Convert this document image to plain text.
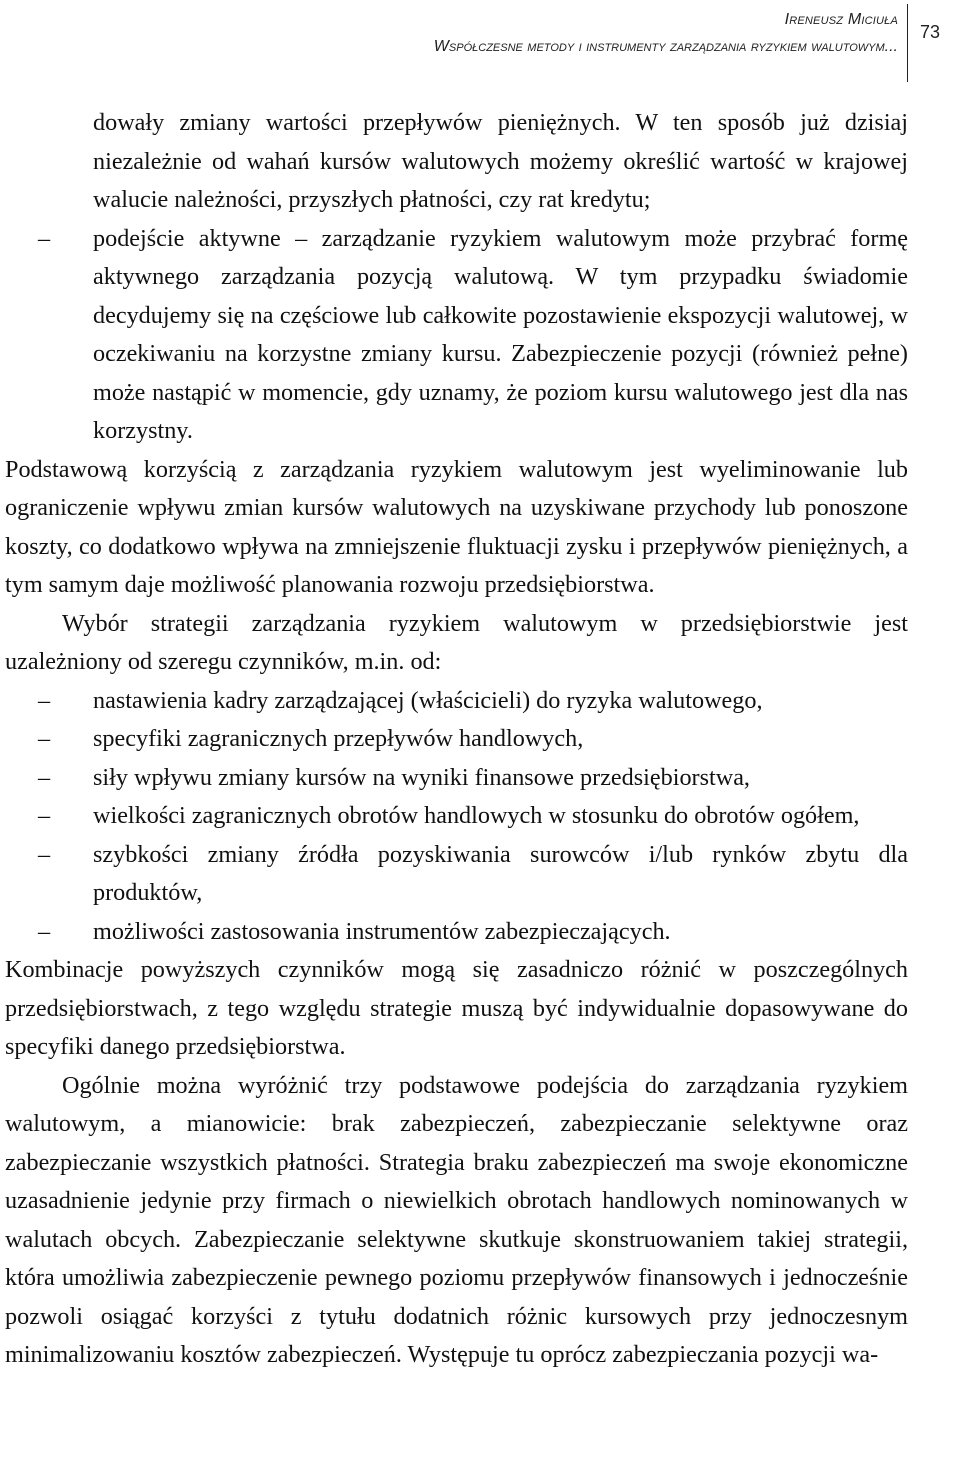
Ireneusz Miciuła
Współczesne metody i instrumenty zarządzania ryzykiem walutowym...
73

dowały zmiany wartości przepływów pieniężnych. W ten sposób już dzisiaj niezależnie od wahań kursów walutowych możemy określić wartość w krajowej walucie należności, przyszłych płatności, czy rat kredytu;

– podejście aktywne – zarządzanie ryzykiem walutowym może przybrać formę aktywnego zarządzania pozycją walutową. W tym przypadku świadomie decydujemy się na częściowe lub całkowite pozostawienie ekspozycji walutowej, w oczekiwaniu na korzystne zmiany kursu. Zabezpieczenie pozycji (również pełne) może nastąpić w momencie, gdy uznamy, że poziom kursu walutowego jest dla nas korzystny.

Podstawową korzyścią z zarządzania ryzykiem walutowym jest wyeliminowanie lub ograniczenie wpływu zmian kursów walutowych na uzyskiwane przychody lub ponoszone koszty, co dodatkowo wpływa na zmniejszenie fluktuacji zysku i przepływów pieniężnych, a tym samym daje możliwość planowania rozwoju przedsiębiorstwa.

Wybór strategii zarządzania ryzykiem walutowym w przedsiębiorstwie jest uzależniony od szeregu czynników, m.in. od:

– nastawienia kadry zarządzającej (właścicieli) do ryzyka walutowego,
– specyfiki zagranicznych przepływów handlowych,
– siły wpływu zmiany kursów na wyniki finansowe przedsiębiorstwa,
– wielkości zagranicznych obrotów handlowych w stosunku do obrotów ogółem,
– szybkości zmiany źródła pozyskiwania surowców i/lub rynków zbytu dla produktów,
– możliwości zastosowania instrumentów zabezpieczających.

Kombinacje powyższych czynników mogą się zasadniczo różnić w poszczególnych przedsiębiorstwach, z tego względu strategie muszą być indywidualnie dopasowywane do specyfiki danego przedsiębiorstwa.

Ogólnie można wyróżnić trzy podstawowe podejścia do zarządzania ryzykiem walutowym, a mianowicie: brak zabezpieczeń, zabezpieczanie selektywne oraz zabezpieczanie wszystkich płatności. Strategia braku zabezpieczeń ma swoje ekonomiczne uzasadnienie jedynie przy firmach o niewielkich obrotach handlowych nominowanych w walutach obcych. Zabezpieczanie selektywne skutkuje skonstruowaniem takiej strategii, która umożliwia zabezpieczenie pewnego poziomu przepływów finansowych i jednocześnie pozwoli osiągać korzyści z tytułu dodatnich różnic kursowych przy jednoczesnym minimalizowaniu kosztów zabezpieczeń. Występuje tu oprócz zabezpieczania pozycji wa-
